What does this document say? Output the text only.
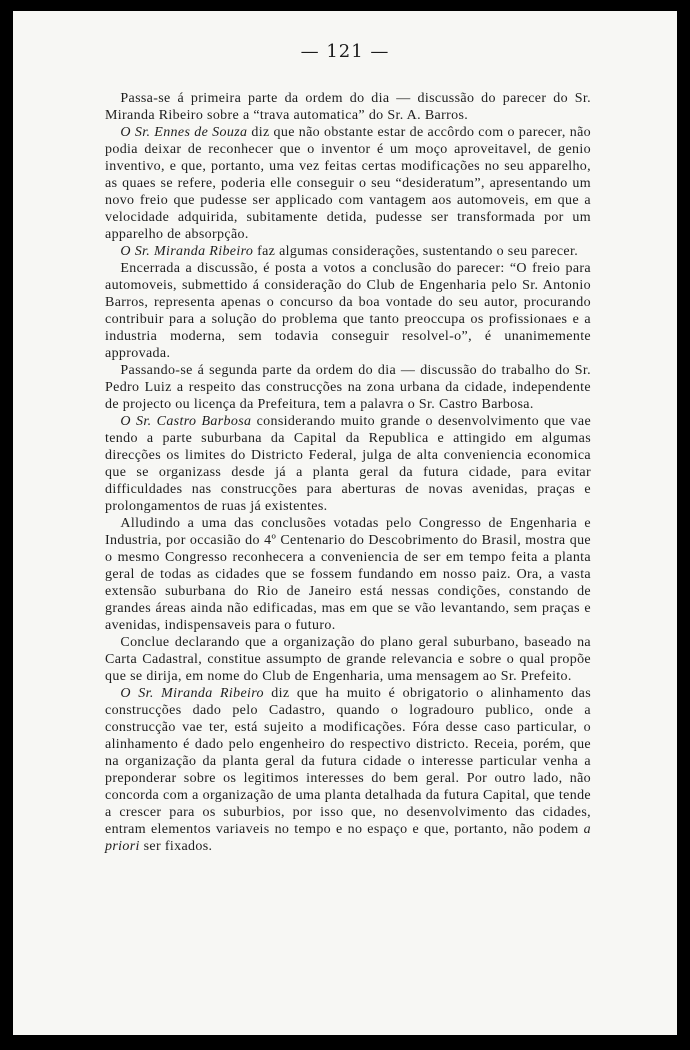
— 121 —

Passa-se á primeira parte da ordem do dia — discussão do parecer do Sr. Miranda Ribeiro sobre a “trava automatica” do Sr. A. Barros.

O Sr. Ennes de Souza diz que não obstante estar de accôrdo com o parecer, não podia deixar de reconhecer que o inventor é um moço aproveitavel, de genio inventivo, e que, portanto, uma vez feitas certas modificações no seu apparelho, as quaes se refere, poderia elle conseguir o seu “desideratum”, apresentando um novo freio que pudesse ser applicado com vantagem aos automoveis, em que a velocidade adquirida, subitamente detida, pudesse ser transformada por um apparelho de absorpção.

O Sr. Miranda Ribeiro faz algumas considerações, sustentando o seu parecer.

Encerrada a discussão, é posta a votos a conclusão do parecer: “O freio para automoveis, submettido á consideração do Club de Engenharia pelo Sr. Antonio Barros, representa apenas o concurso da boa vontade do seu autor, procurando contribuir para a solução do problema que tanto preoccupa os profissionaes e a industria moderna, sem todavia conseguir resolvel-o”, é unanimemente approvada.

Passando-se á segunda parte da ordem do dia — discussão do trabalho do Sr. Pedro Luiz a respeito das construcções na zona urbana da cidade, independente de projecto ou licença da Prefeitura, tem a palavra o Sr. Castro Barbosa.

O Sr. Castro Barbosa considerando muito grande o desenvolvimento que vae tendo a parte suburbana da Capital da Republica e attingido em algumas direcções os limites do Districto Federal, julga de alta conveniencia economica que se organizass desde já a planta geral da futura cidade, para evitar difficuldades nas construcções para aberturas de novas avenidas, praças e prolongamentos de ruas já existentes.

Alludindo a uma das conclusões votadas pelo Congresso de Engenharia e Industria, por occasião do 4º Centenario do Descobrimento do Brasil, mostra que o mesmo Congresso reconhecera a conveniencia de ser em tempo feita a planta geral de todas as cidades que se fossem fundando em nosso paiz. Ora, a vasta extensão suburbana do Rio de Janeiro está nessas condições, constando de grandes áreas ainda não edificadas, mas em que se vão levantando, sem praças e avenidas, indispensaveis para o futuro.

Conclue declarando que a organização do plano geral suburbano, baseado na Carta Cadastral, constitue assumpto de grande relevancia e sobre o qual propõe que se dirija, em nome do Club de Engenharia, uma mensagem ao Sr. Prefeito.

O Sr. Miranda Ribeiro diz que ha muito é obrigatorio o alinhamento das construcções dado pelo Cadastro, quando o logradouro publico, onde a construcção vae ter, está sujeito a modificações. Fóra desse caso particular, o alinhamento é dado pelo engenheiro do respectivo districto. Receia, porém, que na organização da planta geral da futura cidade o interesse particular venha a preponderar sobre os legitimos interesses do bem geral. Por outro lado, não concorda com a organização de uma planta detalhada da futura Capital, que tende a crescer para os suburbios, por isso que, no desenvolvimento das cidades, entram elementos variaveis no tempo e no espaço e que, portanto, não podem a priori ser fixados.
